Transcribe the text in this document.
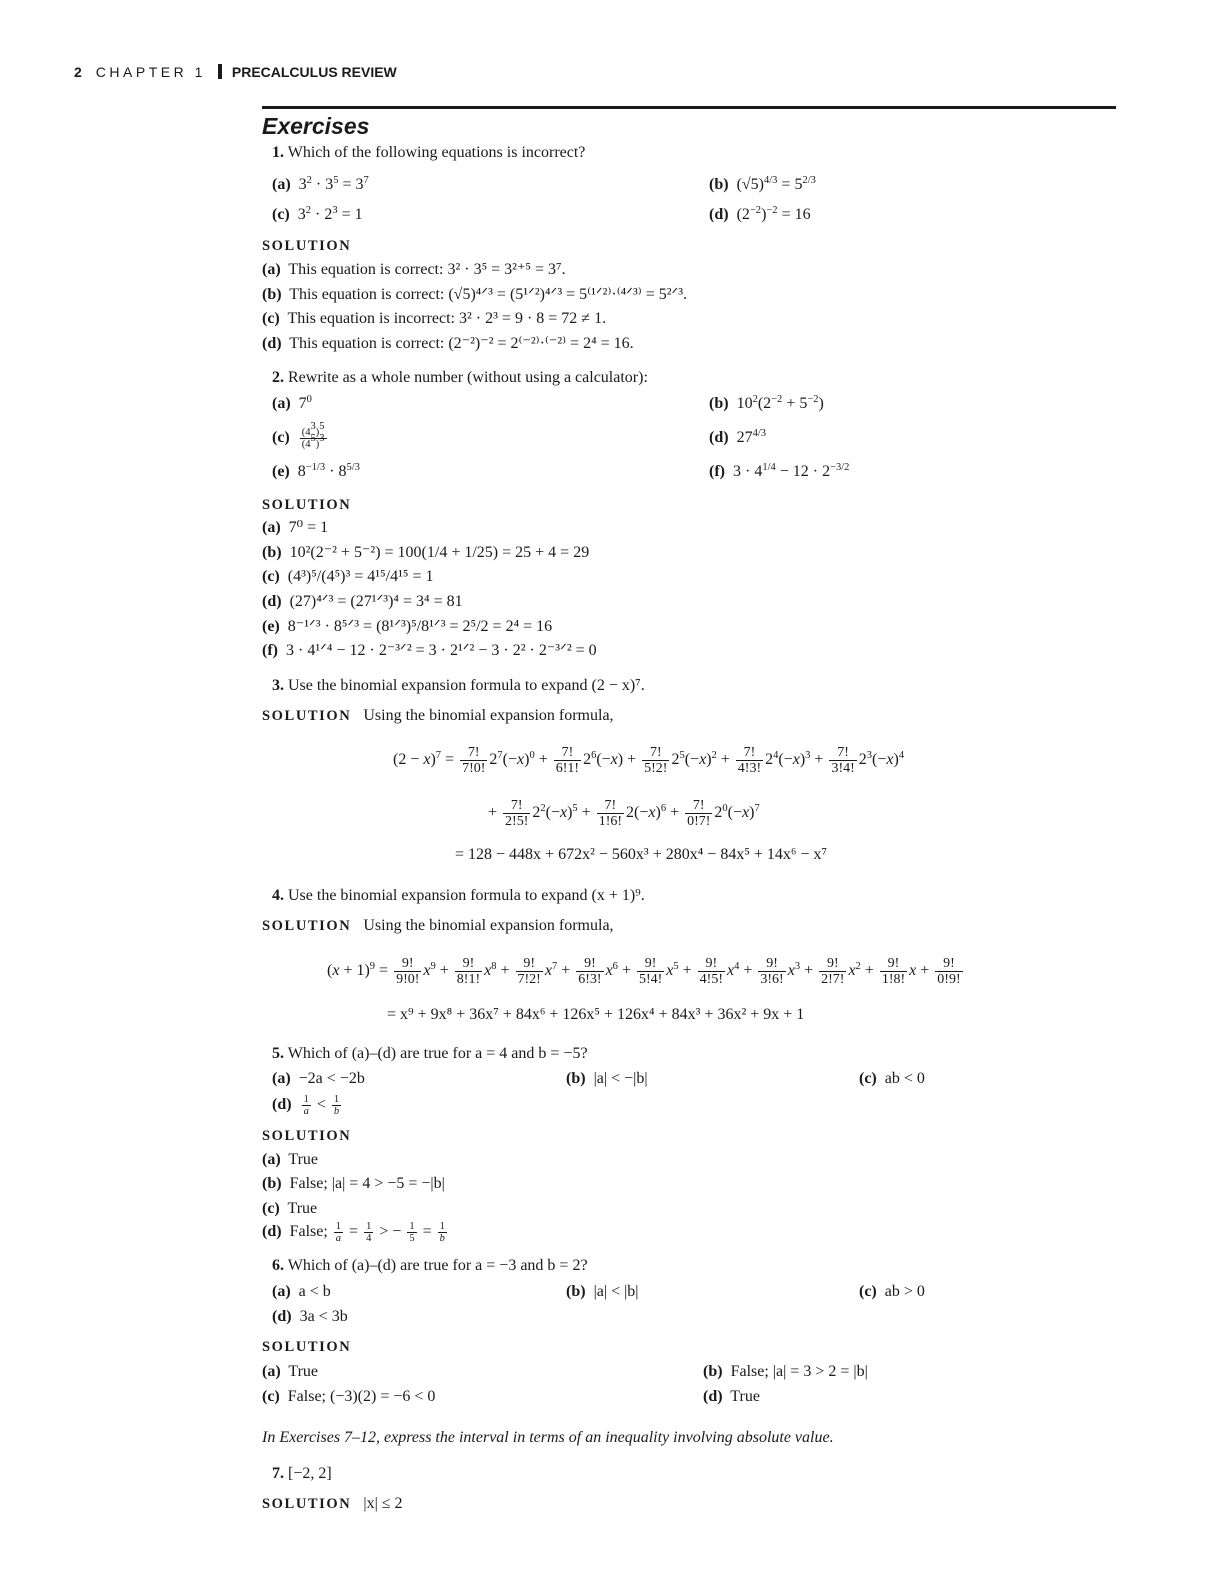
2 CHAPTER 1 PRECALCULUS REVIEW
Exercises
1. Which of the following equations is incorrect?
(a)  $3^2 \cdot 3^5 = 3^7$	(b)  $(√5)^{4/3} = 5^{2/3}$
(c)  $3^2 \cdot 2^3 = 1$	(d)  $(2^{-2})^{-2} = 16$
SOLUTION
(a) This equation is correct: 3² · 3⁵ = 3²⁺⁵ = 3⁷.
(b) This equation is correct: (√5)⁴ᐟ³ = (5¹ᐟ²)⁴ᐟ³ = 5⁽¹ᐟ²⁾·⁽⁴ᐟ³⁾ = 5²ᐟ³.
(c) This equation is incorrect: 3² · 2³ = 9 · 8 = 72 ≠ 1.
(d) This equation is correct: (2⁻²)⁻² = 2⁽⁻²⁾·⁽⁻²⁾ = 2⁴ = 16.
2. Rewrite as a whole number (without using a calculator):
(a)  $7^0$	(b)  $10^2(2^{-2} + 5^{-2})$
$(c) \frac{(4^3)^5}{(4^5)^3}$	(d)  $27^{4/3}$
(e)  $8^{-1/3} \cdot 8^{5/3}$	(f)  $3 \cdot 4^{1/4} - 12 \cdot 2^{-3/2}$
SOLUTION
(a) 7⁰ = 1
(b) 10²(2⁻² + 5⁻²) = 100(1/4 + 1/25) = 25 + 4 = 29
(c) (4³)⁵/(4⁵)³ = 4¹⁵/4¹⁵ = 1
(d) (27)⁴ᐟ³ = (27¹ᐟ³)⁴ = 3⁴ = 81
(e) 8⁻¹ᐟ³ · 8⁵ᐟ³ = (8¹ᐟ³)⁵/8¹ᐟ³ = 2⁵/2 = 2⁴ = 16
(f) 3 · 4¹ᐟ⁴ − 12 · 2⁻³ᐟ² = 3 · 2¹ᐟ² − 3 · 2² · 2⁻³ᐟ² = 0
3. Use the binomial expansion formula to expand (2 − x)⁷.
SOLUTION Using the binomial expansion formula,
$(2 - x)^7 = \frac{7!}{7!0!} 2^7(-x)^0 + \frac{7!}{6!1!} 2^6(-x) + \frac{7!}{5!2!} 2^5(-x)^2 + \frac{7!}{4!3!} 2^4(-x)^3 + \frac{7!}{3!4!} 2^3(-x)^4$
+ $\frac{7!}{2!5!} 2^2(-x)^5 + \frac{7!}{1!6!} 2(-x)^6 + \frac{7!}{0!7!} 2^0(-x)^7$
= 128 − 448x + 672x² − 560x³ + 280x⁴ − 84x⁵ + 14x⁶ − x⁷
4. Use the binomial expansion formula to expand (x + 1)⁹.
SOLUTION Using the binomial expansion formula,
$(x + 1)^9 = \frac{9!}{9!0!} x^9 + \frac{9!}{8!1!} x^8 + \frac{9!}{7!2!} x^7 + \frac{9!}{6!3!} x^6 + \frac{9!}{5!4!} x^5 + \frac{9!}{4!5!} x^4 + \frac{9!}{3!6!} x^3 + \frac{9!}{2!7!} x^2 + \frac{9!}{1!8!}$ $x + \frac{9!}{0!9!}$
= x⁹ + 9x⁸ + 36x⁷ + 84x⁶ + 126x⁵ + 126x⁴ + 84x³ + 36x² + 9x + 1
5. Which of (a)–(d) are true for a = 4 and b = −5?
(a) −2a < −2b	(b) |a| < −|b|	(c) ab < 0
$(d) \frac{1}{a} < \frac{1}{b}$
SOLUTION
(a) True
(b) False; |a| = 4 > −5 = −|b|
(c) True
(d) False; $\frac{1}{a} = \frac{1}{4}$ > − $\frac{1}{5} = \frac{1}{b}$
6. Which of (a)–(d) are true for a = −3 and b = 2?
(a) a < b	(b) |a| < |b|	(c) ab > 0
(d) 3a < 3b
SOLUTION
(a) True	(b) False; |a| = 3 > 2 = |b|
(c) False; (−3)(2) = −6 < 0	(d) True
In Exercises 7–12, express the interval in terms of an inequality involving absolute value.
7. [−2, 2]
SOLUTION |x| ≤ 2
